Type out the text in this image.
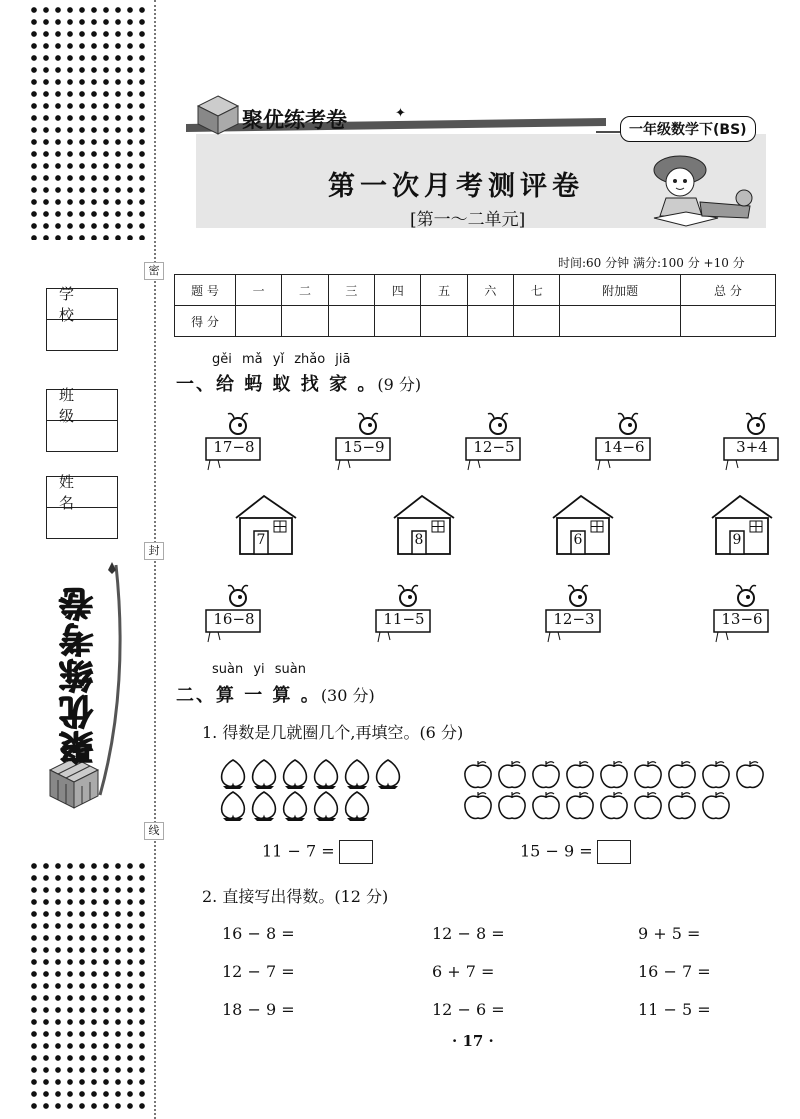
密
封
线
学 校
班 级
姓 名
聚优练考卷
聚优练考卷	✦
一年级数学下(BS)
第一次月考测评卷
[第一～二单元]
时间:60 分钟 满分:100 分 +10 分
题 号	一	二	三	四	五	六	七	附加题	总 分
得 分									
gěi mǎ yǐ zhǎo jiā
一、给 蚂 蚁 找 家 。(9 分)
17−8	15−9	12−5	14−6	3+4
7	8	6	9
16−8	11−5	12−3	13−6
suàn yi suàn
二、算 一 算 。(30 分)
1. 得数是几就圈几个,再填空。(6 分)
11 − 7 =	15 − 9 =
2. 直接写出得数。(12 分)
16 − 8 =	12 − 8 =	9 + 5 =
12 − 7 =	6 + 7 =	16 − 7 =
18 − 9 =	12 − 6 =	11 − 5 =
· 17 ·
